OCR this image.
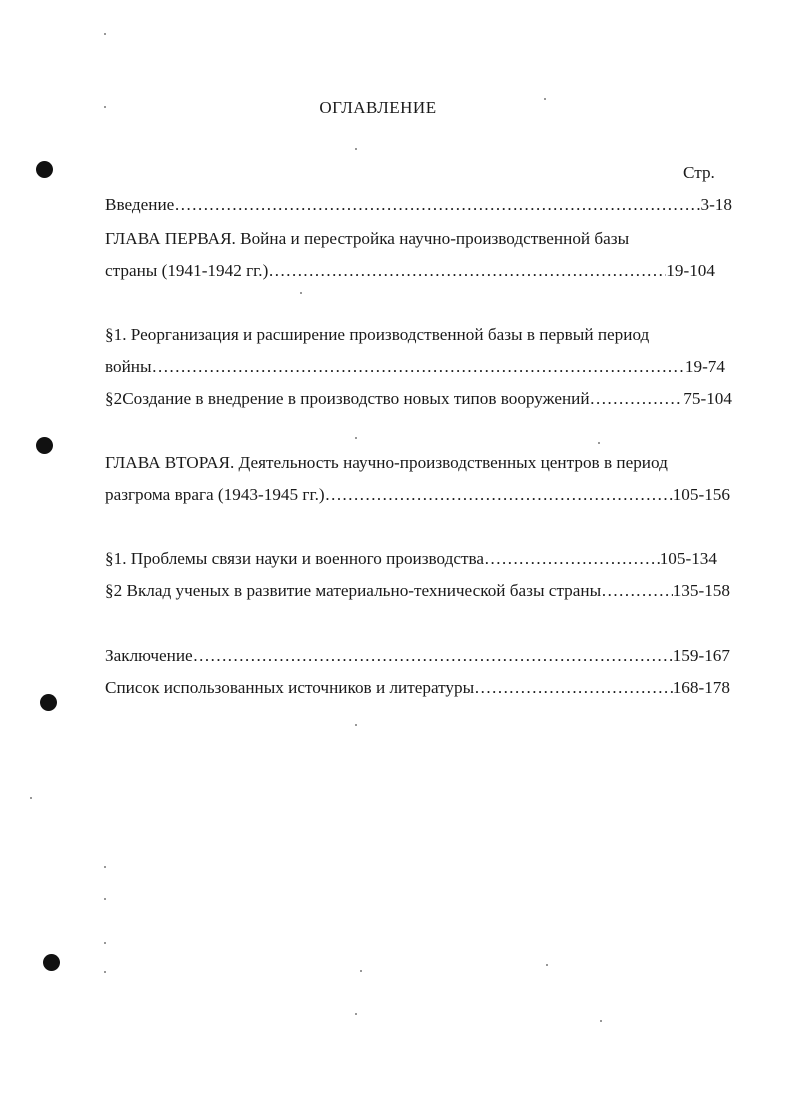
ОГЛАВЛЕНИЕ
Стр.
Введение ……………………………………………………………………………………………………………………………………	3-18
ГЛАВА ПЕРВАЯ. Война и перестройка научно-производственной базы
страны (1941-1942 гг.) ……………………………………………………………………………………………………………………………………	19-104
§1. Реорганизация и расширение производственной базы в первый период
войны ……………………………………………………………………………………………………………………………………	19-74
§2Создание в внедрение в производство новых типов вооружений ……………………………………………………………………………………………………………………………………	75-104
ГЛАВА ВТОРАЯ. Деятельность научно-производственных центров в период
разгрома врага (1943-1945 гг.) ……………………………………………………………………………………………………………………………………	105-156
§1. Проблемы связи науки и военного производства ……………………………………………………………………………………………………………………………………	105-134
§2 Вклад ученых в развитие материально-технической базы страны ……………………………………………………………………………………………………………………………………	135-158
Заключение ……………………………………………………………………………………………………………………………………	159-167
Список использованных источников и литературы ……………………………………………………………………………………………………………………………………	168-178
